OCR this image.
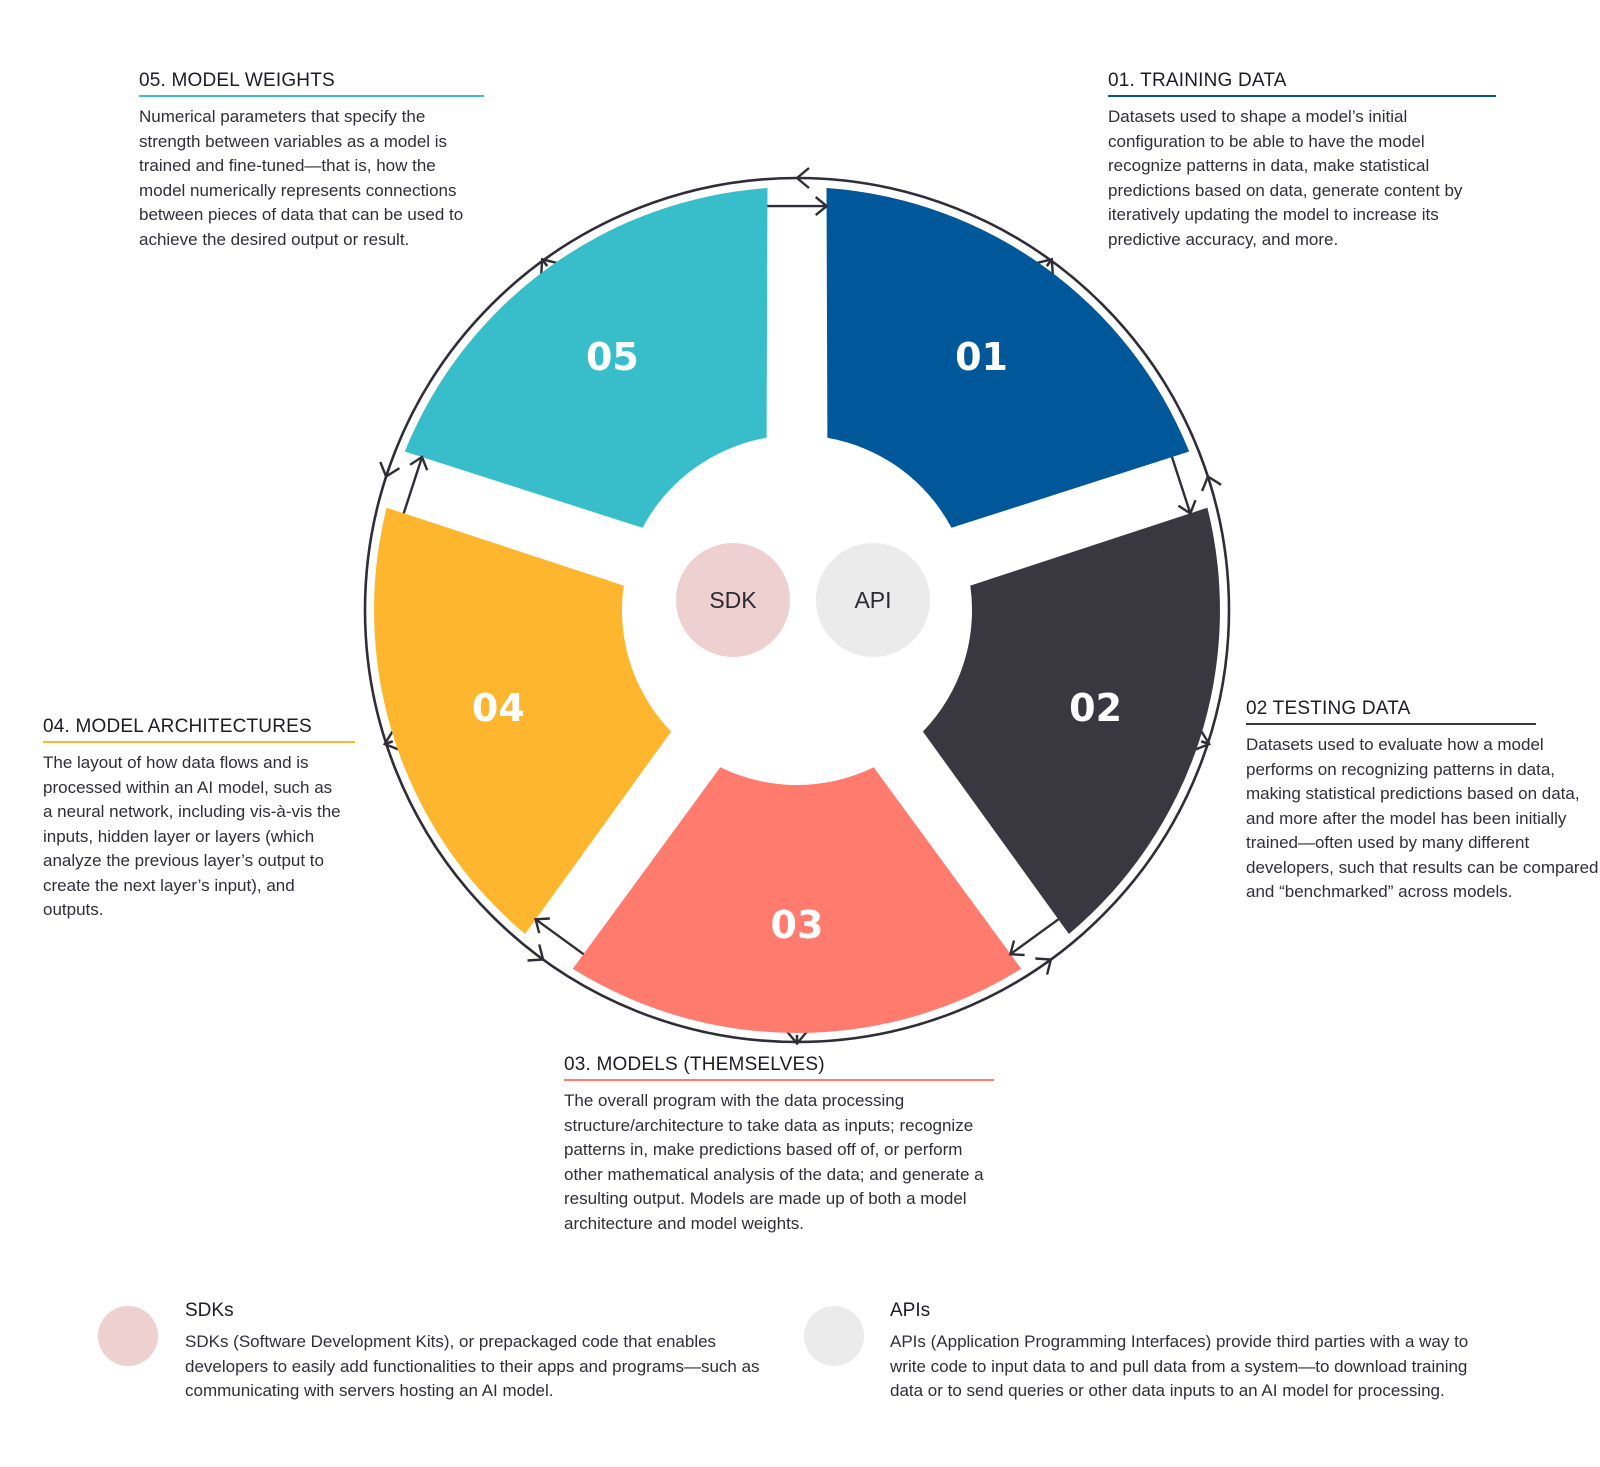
01
02
03
04
05
SDK	API
05. MODEL WEIGHTS

Numerical parameters that specify the strength between variables as a model is trained and fine-tuned—that is, how the model numerically represents connections between pieces of data that can be used to achieve the desired output or result.

01. TRAINING DATA

Datasets used to shape a model’s initial configuration to be able to have the model recognize patterns in data, make statistical predictions based on data, generate content by iteratively updating the model to increase its predictive accuracy, and more.

02 TESTING DATA

Datasets used to evaluate how a model performs on recognizing patterns in data, making statistical predictions based on data, and more after the model has been initially trained—often used by many different developers, such that results can be compared and “benchmarked” across models.

04. MODEL ARCHITECTURES

The layout of how data flows and is processed within an AI model, such as a neural network, including vis-à-vis the inputs, hidden layer or layers (which analyze the previous layer’s output to create the next layer’s input), and outputs.

03. MODELS (THEMSELVES)

The overall program with the data processing structure/architecture to take data as inputs; recognize patterns in, make predictions based off of, or perform other mathematical analysis of the data; and generate a resulting output. Models are made up of both a model architecture and model weights.

SDKs

SDKs (Software Development Kits), or prepackaged code that enables developers to easily add functionalities to their apps and programs—such as communicating with servers hosting an AI model.

APIs

APIs (Application Programming Interfaces) provide third parties with a way to write code to input data to and pull data from a system—to download training data or to send queries or other data inputs to an AI model for processing.
